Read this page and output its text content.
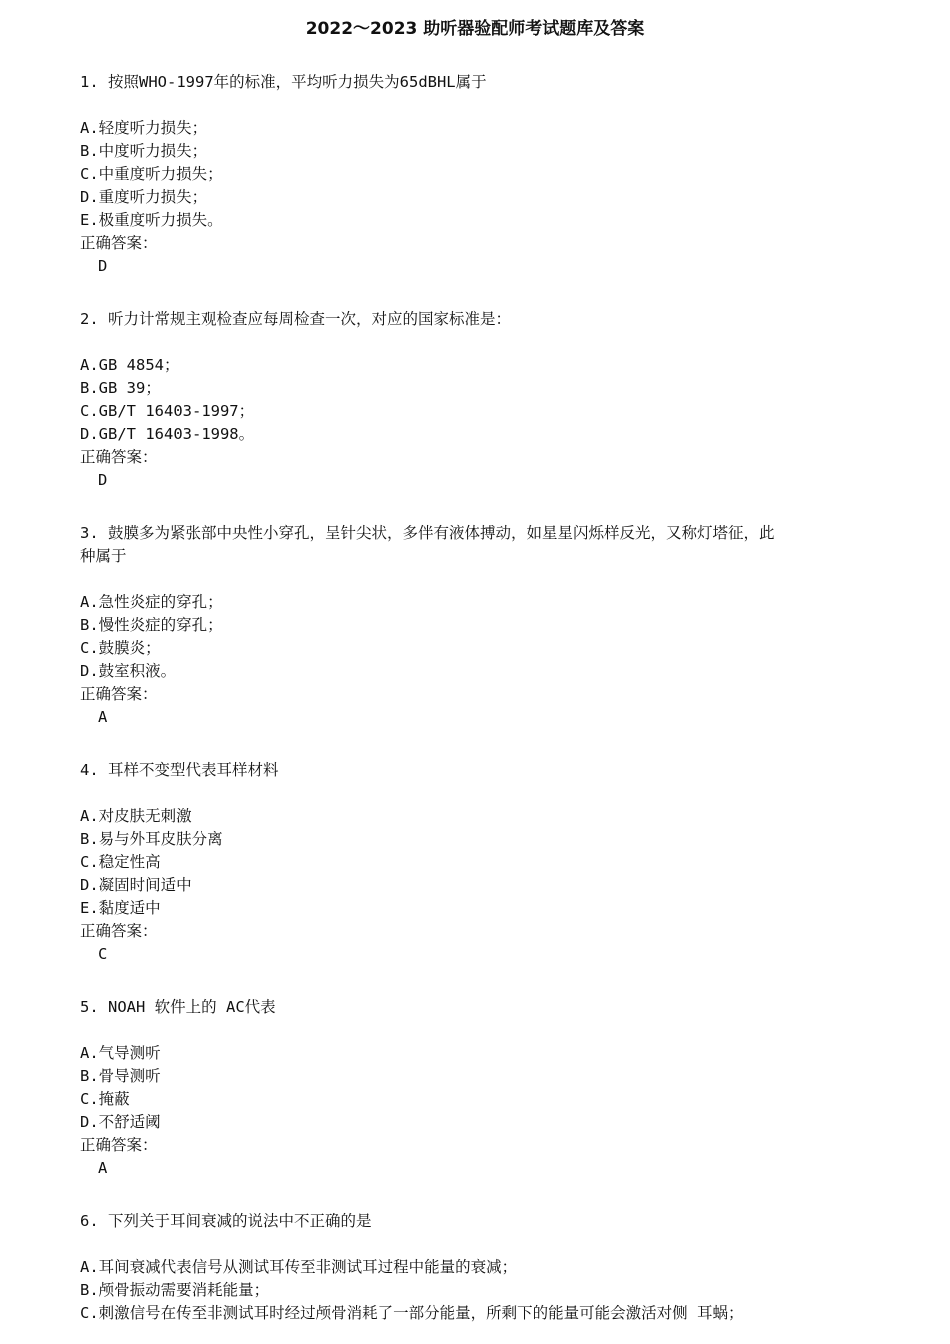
2022～2023 助听器验配师考试题库及答案

1. 按照WHO-1997年的标准，平均听力损失为65dBHL属于

A.轻度听力损失；

B.中度听力损失；

C.中重度听力损失；

D.重度听力损失；

E.极重度听力损失。

正确答案：

D

2. 听力计常规主观检查应每周检查一次，对应的国家标准是：

A.GB 4854；

B.GB 39；

C.GB/T 16403-1997；

D.GB/T 16403-1998。

正确答案：

D

3. 鼓膜多为紧张部中央性小穿孔，呈针尖状，多伴有液体搏动，如星星闪烁样反光，又称灯塔征，此

种属于

A.急性炎症的穿孔；

B.慢性炎症的穿孔；

C.鼓膜炎；

D.鼓室积液。

正确答案：

A

4. 耳样不变型代表耳样材料

A.对皮肤无刺激

B.易与外耳皮肤分离

C.稳定性高

D.凝固时间适中

E.黏度适中

正确答案：

C

5. NOAH 软件上的 AC代表

A.气导测听

B.骨导测听

C.掩蔽

D.不舒适阈

正确答案：

A

6. 下列关于耳间衰减的说法中不正确的是

A.耳间衰减代表信号从测试耳传至非测试耳过程中能量的衰减；

B.颅骨振动需要消耗能量；

C.刺激信号在传至非测试耳时经过颅骨消耗了一部分能量，所剩下的能量可能会激活对侧 耳蜗；
